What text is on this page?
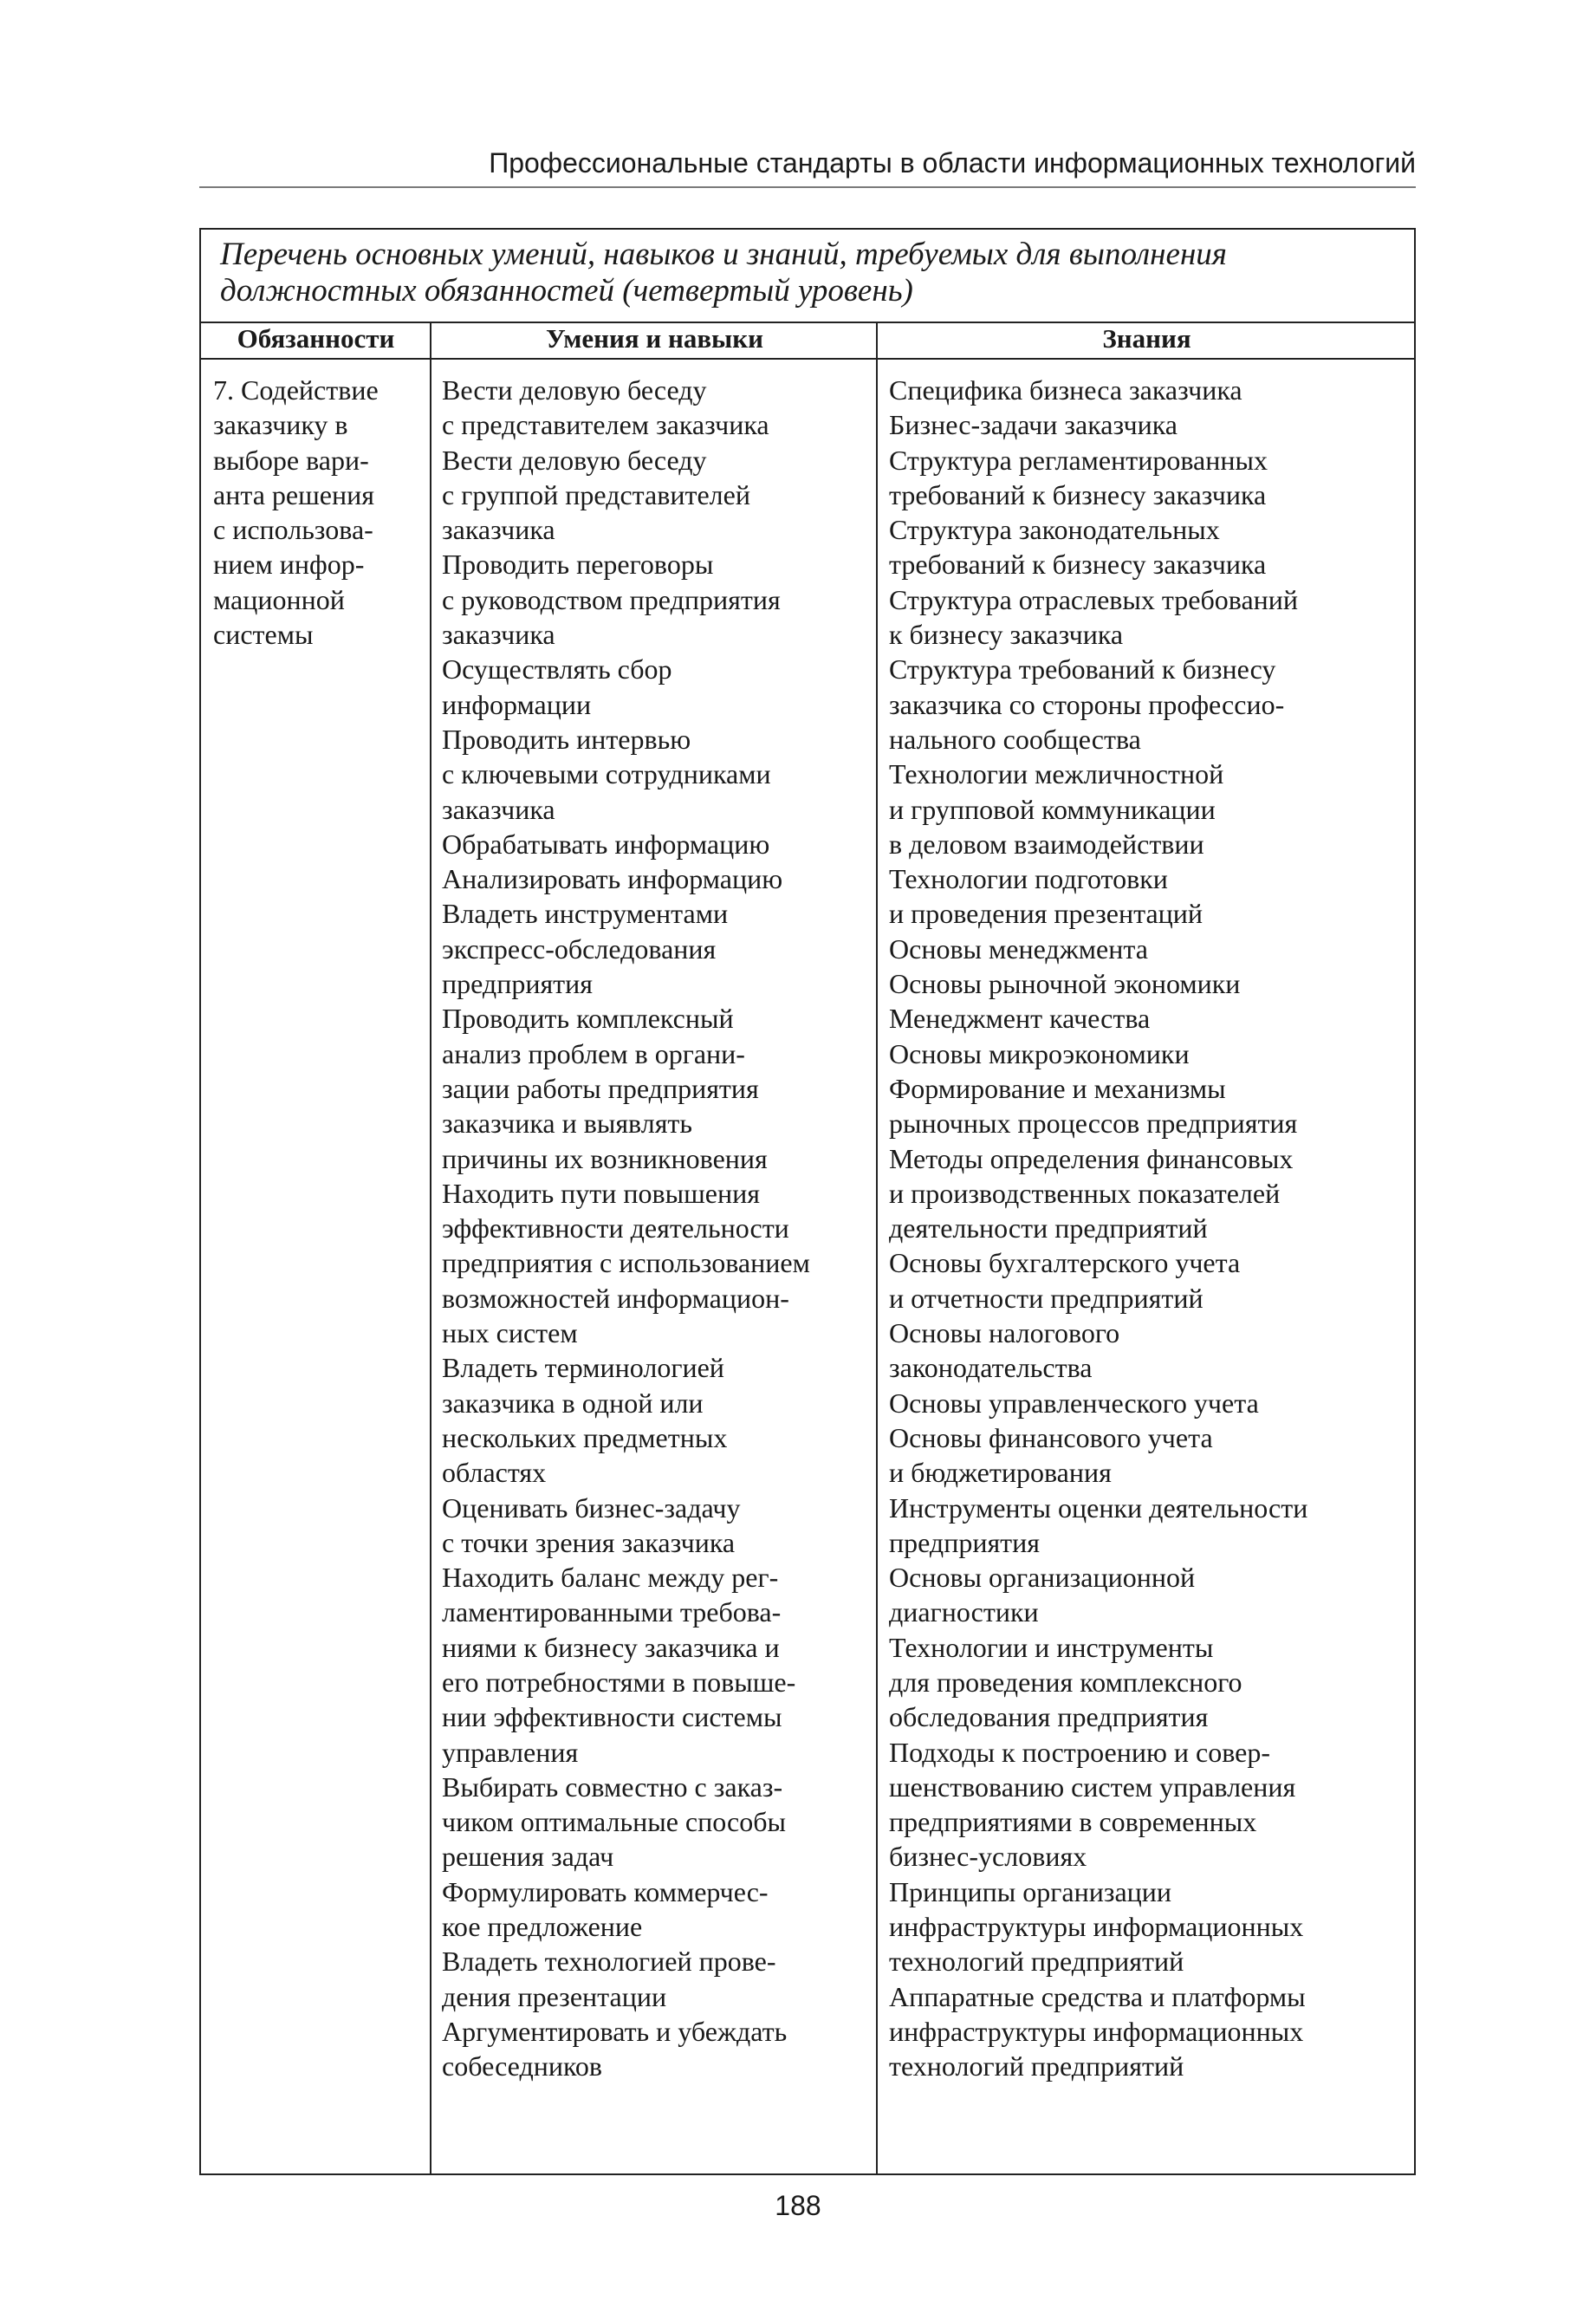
Профессиональные стандарты в области информационных технологий
Перечень основных умений, навыков и знаний, требуемых для выполнения
должностных обязанностей (четвертый уровень)
Обязанности	Умения и навыки	Знания
7. Содействие
заказчику в
выборе вари-
анта решения
с использова-
нием инфор-
мационной
системы
Вести деловую беседу
с представителем заказчика
Вести деловую беседу
с группой представителей
заказчика
Проводить переговоры
с руководством предприятия
заказчика
Осуществлять сбор
информации
Проводить интервью
с ключевыми сотрудниками
заказчика
Обрабатывать информацию
Анализировать информацию
Владеть инструментами
экспресс-обследования
предприятия
Проводить комплексный
анализ проблем в органи-
зации работы предприятия
заказчика и выявлять
причины их возникновения
Находить пути повышения
эффективности деятельности
предприятия с использованием
возможностей информацион-
ных систем
Владеть терминологией
заказчика в одной или
нескольких предметных
областях
Оценивать бизнес-задачу
с точки зрения заказчика
Находить баланс между рег-
ламентированными требова-
ниями к бизнесу заказчика и
его потребностями в повыше-
нии эффективности системы
управления
Выбирать совместно с заказ-
чиком оптимальные способы
решения задач
Формулировать коммерчес-
кое предложение
Владеть технологией прове-
дения презентации
Аргументировать и убеждать
собеседников
Специфика бизнеса заказчика
Бизнес-задачи заказчика
Структура регламентированных
требований к бизнесу заказчика
Структура законодательных
требований к бизнесу заказчика
Структура отраслевых требований
к бизнесу заказчика
Структура требований к бизнесу
заказчика со стороны профессио-
нального сообщества
Технологии межличностной
и групповой коммуникации
в деловом взаимодействии
Технологии подготовки
и проведения презентаций
Основы менеджмента
Основы рыночной экономики
Менеджмент качества
Основы микроэкономики
Формирование и механизмы
рыночных процессов предприятия
Методы определения финансовых
и производственных показателей
деятельности предприятий
Основы бухгалтерского учета
и отчетности предприятий
Основы налогового
законодательства
Основы управленческого учета
Основы финансового учета
и бюджетирования
Инструменты оценки деятельности
предприятия
Основы организационной
диагностики
Технологии и инструменты
для проведения комплексного
обследования предприятия
Подходы к построению и совер-
шенствованию систем управления
предприятиями в современных
бизнес-условиях
Принципы организации
инфраструктуры информационных
технологий предприятий
Аппаратные средства и платформы
инфраструктуры информационных
технологий предприятий
188
